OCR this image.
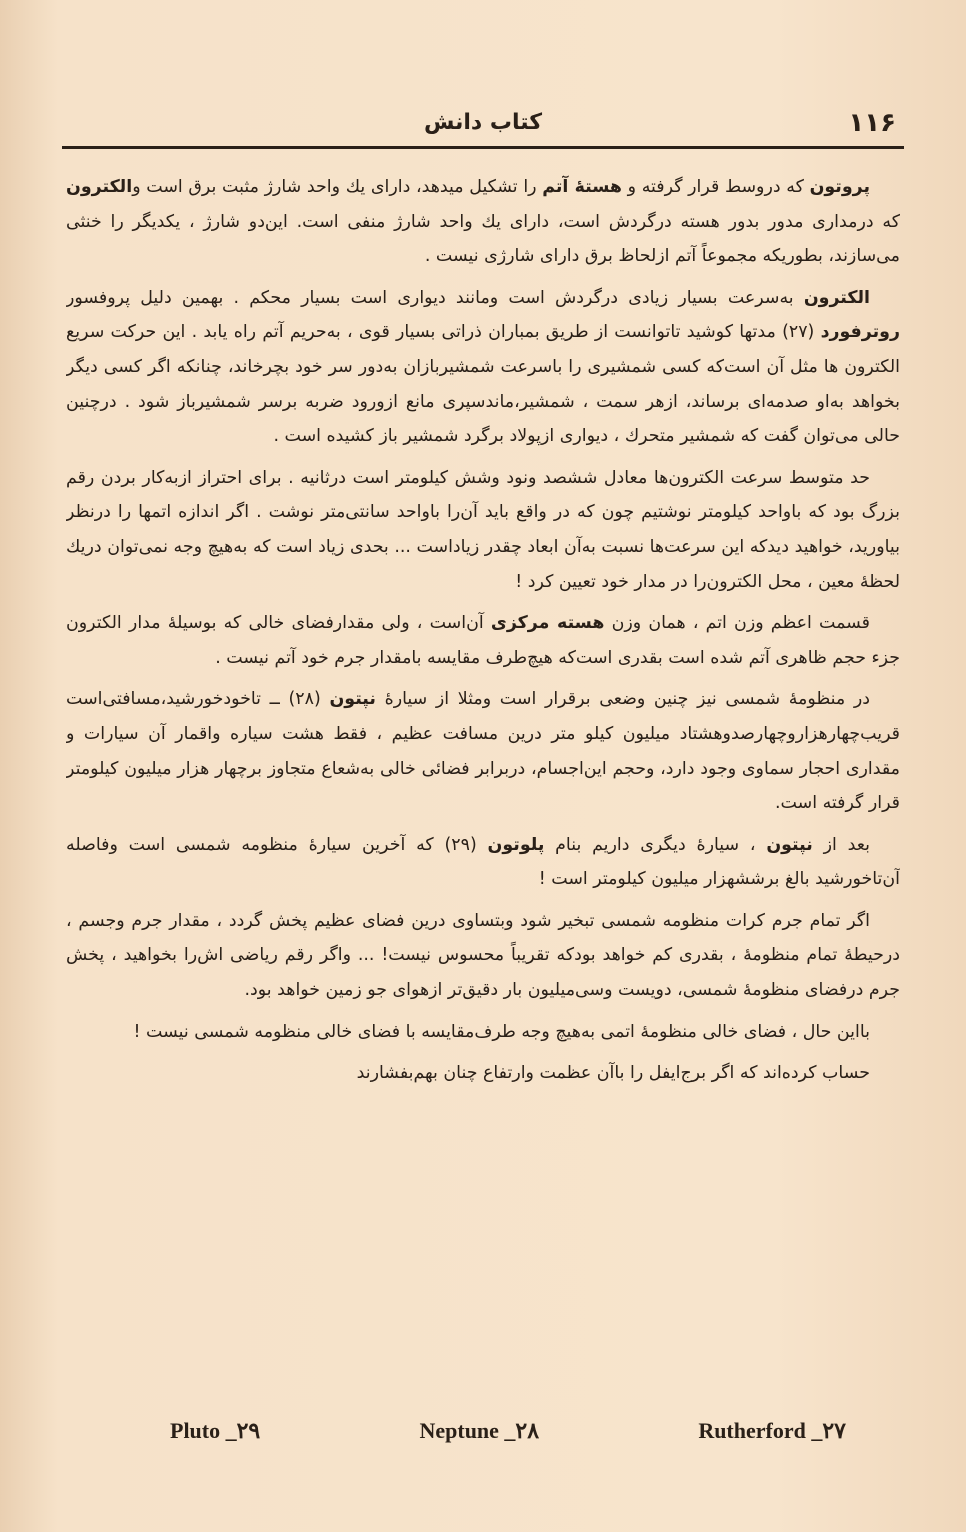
۱۱۶
کتاب دانش

پروتون که دروسط قرار گرفته و هستهٔ آتم را تشکیل میدهد، دارای یك واحد شارژ مثبت برق است والکترون که درمداری مدور بدور هسته درگردش است، دارای یك واحد شارژ منفی است. این‌دو شارژ ، یکدیگر را خنثی می‌سازند، بطوریکه مجموعاً آتم ازلحاظ برق دارای شارژی نیست .

الکترون به‌سرعت بسیار زیادی درگردش است ومانند دیواری است بسیار محکم . بهمین دلیل پروفسور روترفورد (۲۷) مدتها کوشید تاتوانست از طریق بمباران ذراتی بسیار قوی ، به‌حریم آتم راه یابد . این حرکت سریع الکترون ها مثل آن است‌که کسی شمشیری را باسرعت شمشیربازان به‌دور سر خود بچرخاند، چنانکه اگر کسی دیگر بخواهد به‌او صدمه‌ای برساند، ازهر سمت ، شمشیر،ماندسپری مانع ازورود ضربه برسر شمشیرباز شود . درچنین حالی می‌توان گفت که شمشیر متحرك ، دیواری ازپولاد برگرد شمشیر باز کشیده است .

حد متوسط سرعت الکترون‌ها معادل ششصد ونود وشش کیلومتر است درثانیه . برای احتراز ازبه‌کار بردن رقم بزرگ بود که باواحد کیلومتر نوشتیم چون که در واقع باید آن‌را باواحد سانتی‌متر نوشت . اگر اندازه اتمها را درنظر بیاورید، خواهید دیدکه این سرعت‌ها نسبت به‌آن ابعاد چقدر زیاداست ... بحدی زیاد است که به‌هیچ وجه نمی‌توان دریك لحظهٔ معین ، محل الکترون‌را در مدار خود تعیین کرد !

قسمت اعظم وزن اتم ، همان وزن هسته مرکزی آن‌است ، ولی مقدارفضای خالی که بوسیلهٔ مدار الکترون جزء حجم ظاهری آتم شده است بقدری است‌که هیچ‌طرف مقایسه بامقدار جرم خود آتم نیست .

در منظومهٔ شمسی نیز چنین وضعی برقرار است ومثلا از سیارهٔ نپتون (۲۸) ــ تاخودخورشید،مسافتی‌است قریب‌چهارهزاروچهارصدوهشتاد میلیون کیلو متر درین مسافت عظیم ، فقط هشت سیاره واقمار آن سیارات و مقداری احجار سماوی وجود دارد، وحجم این‌اجسام، دربرابر فضائی خالی به‌شعاع متجاوز برچهار هزار میلیون کیلومتر قرار گرفته است.

بعد از نپتون ، سیارهٔ دیگری داریم بنام پلوتون (۲۹) که آخرین سیارهٔ منظومه شمسی است وفاصله آن‌تاخورشید بالغ برششهزار میلیون کیلومتر است !

اگر تمام جرم کرات منظومه شمسی تبخیر شود وبتساوی درین فضای عظیم پخش گردد ، مقدار جرم وجسم ، درحیطهٔ تمام منظومهٔ ، بقدری کم خواهد بودکه تقریباً محسوس نیست! ... واگر رقم ریاضی اش‌را بخواهید ، پخش جرم درفضای منظومهٔ شمسی، دویست وسی‌میلیون بار دقیق‌تر ازهوای جو زمین خواهد بود.

بااین حال ، فضای خالی منظومهٔ اتمی به‌هیچ وجه طرف‌مقایسه با فضای خالی منظومه شمسی نیست !

حساب کرده‌اند که اگر برج‌ایفل را باآن عظمت وارتفاع چنان بهم‌بفشارند

Pluto _۲۹	Neptune _۲۸	Rutherford _۲۷
